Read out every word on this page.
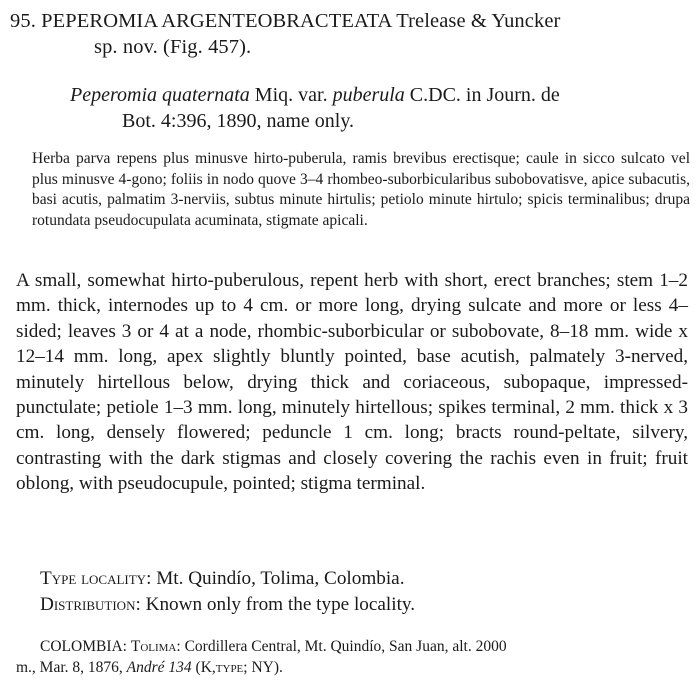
95. PEPEROMIA ARGENTEOBRACTEATA Trelease & Yuncker
sp. nov. (Fig. 457).
Peperomia quaternata Miq. var. puberula C.DC. in Journ. de
Bot. 4:396, 1890, name only.
Herba parva repens plus minusve hirto-puberula, ramis brevibus erectisque; caule in sicco sulcato vel plus minusve 4-gono; foliis in nodo quove 3–4 rhombeo-suborbicularibus subobovatisve, apice subacutis, basi acutis, palmatim 3-nerviis, subtus minute hirtulis; petiolo minute hirtulo; spicis terminalibus; drupa rotundata pseudocupulata acuminata, stigmate apicali.
A small, somewhat hirto-puberulous, repent herb with short, erect branches; stem 1–2 mm. thick, internodes up to 4 cm. or more long, drying sulcate and more or less 4–sided; leaves 3 or 4 at a node, rhombic-suborbicular or subobovate, 8–18 mm. wide x 12–14 mm. long, apex slightly bluntly pointed, base acutish, palmately 3-nerved, minutely hirtellous below, drying thick and coriaceous, subopaque, impressed-punctulate; petiole 1–3 mm. long, minutely hirtellous; spikes terminal, 2 mm. thick x 3 cm. long, densely flowered; peduncle 1 cm. long; bracts round-peltate, silvery, contrasting with the dark stigmas and closely covering the rachis even in fruit; fruit oblong, with pseudocupule, pointed; stigma terminal.
Type locality: Mt. Quindío, Tolima, Colombia.
Distribution: Known only from the type locality.
COLOMBIA: Tolima: Cordillera Central, Mt. Quindío, San Juan, alt. 2000
m., Mar. 8, 1876, André 134 (K,type; NY).
